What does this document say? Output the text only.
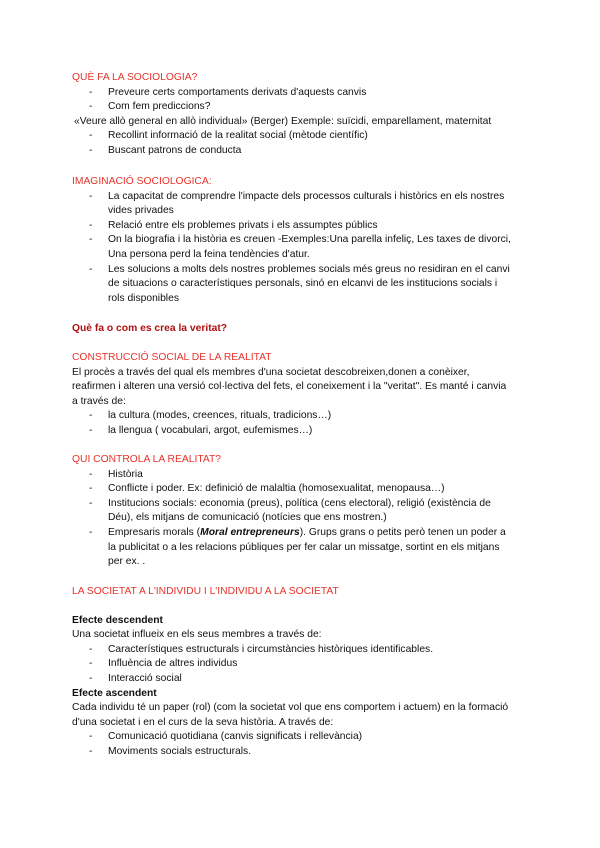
QUÈ FA LA SOCIOLOGIA?
- Preveure certs comportaments derivats d'aquests canvis
- Com fem prediccions?
«Veure allò general en allò individual» (Berger) Exemple: suïcidi, emparellament, maternitat
- Recollint informació de la realitat social (mètode científic)
- Buscant patrons de conducta
IMAGINACIÓ SOCIOLOGICA:
- La capacitat de comprendre l'impacte dels processos culturals i històrics en els nostres vides privades
- Relació entre els problemes privats i els assumptes públics
- On la biografia i la història es creuen -Exemples:Una parella infeliç, Les taxes de divorci, Una persona perd la feina tendències d'atur.
- Les solucions a molts dels nostres problemes socials més greus no residiran en el canvi de situacions o característiques personals, sinó en elcanvi de les institucions socials i rols disponibles
Què fa o com es crea la veritat?
CONSTRUCCIÓ SOCIAL DE LA REALITAT
El procès a través del qual els membres d'una societat descobreixen,donen a conèixer, reafirmen i alteren una versió col·lectiva del fets, el coneixement i la "veritat". Es manté i canvia a través de:
- la cultura (modes, creences, rituals, tradicions…)
- la llengua ( vocabulari, argot, eufemismes…)
QUI CONTROLA LA REALITAT?
- Història
- Conflicte i poder. Ex: definició de malaltia (homosexualitat, menopausa…)
- Institucions socials: economia (preus), política (cens electoral), religió (existència de Déu), els mitjans de comunicació (notícies que ens mostren.)
- Empresaris morals (Moral entrepreneurs). Grups grans o petits però tenen un poder a la publicitat o a les relacions públiques per fer calar un missatge, sortint en els mitjans per ex. .
LA SOCIETAT A L'INDIVIDU I L'INDIVIDU A LA SOCIETAT
Efecte descendent
Una societat influeix en els seus membres a través de:
- Característiques estructurals i circumstàncies històriques identificables.
- Influència de altres individus
- Interacció social
Efecte ascendent
Cada individu té un paper (rol) (com la societat vol que ens comportem i actuem) en la formació d'una societat i en el curs de la seva història. A través de:
- Comunicació quotidiana (canvis significats i rellevància)
- Moviments socials estructurals.
